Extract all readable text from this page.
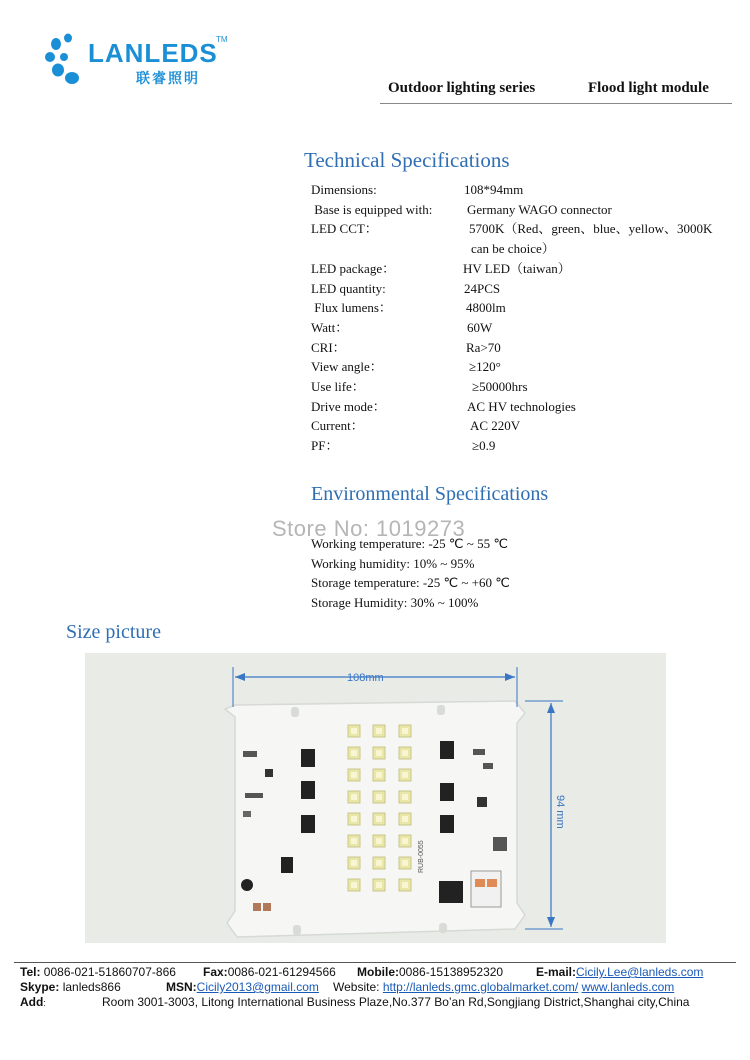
LANLEDS
TM
联睿照明
Outdoor lighting series	Flood light module
Technical Specifications
Dimensions:	108*94mm
Base is equipped with:	Germany WAGO connector
LED CCT：	5700K（Red、green、blue、yellow、3000K
can be choice）
LED package：	HV LED（taiwan）
LED quantity:	24PCS
Flux lumens：	4800lm
Watt：	60W
CRI：	Ra>70
View angle：	≥120°
Use life：	≥50000hrs
Drive mode：	AC HV technologies
Current：	AC 220V
PF：	≥0.9
Environmental Specifications
Working temperature: -25 ℃ ~ 55 ℃
Working humidity: 10% ~ 95%
Storage temperature: -25 ℃ ~ +60 ℃
Storage Humidity: 30% ~ 100%
Store No: 1019273
Size picture
108mm
94 mm
RUB-0055
Tel: 0086-021-51860707-866 Fax:0086-021-61294566 Mobile:0086-15138952320	E-mail:Cicily.Lee@lanleds.com
Skype: lanleds866	MSN:Cicily2013@gmail.com Website: http://lanleds.gmc.globalmarket.com/ www.lanleds.com
Add:	Room 3001-3003, Litong International Business Plaze,No.377 Bo’an Rd,Songjiang District,Shanghai city,China
